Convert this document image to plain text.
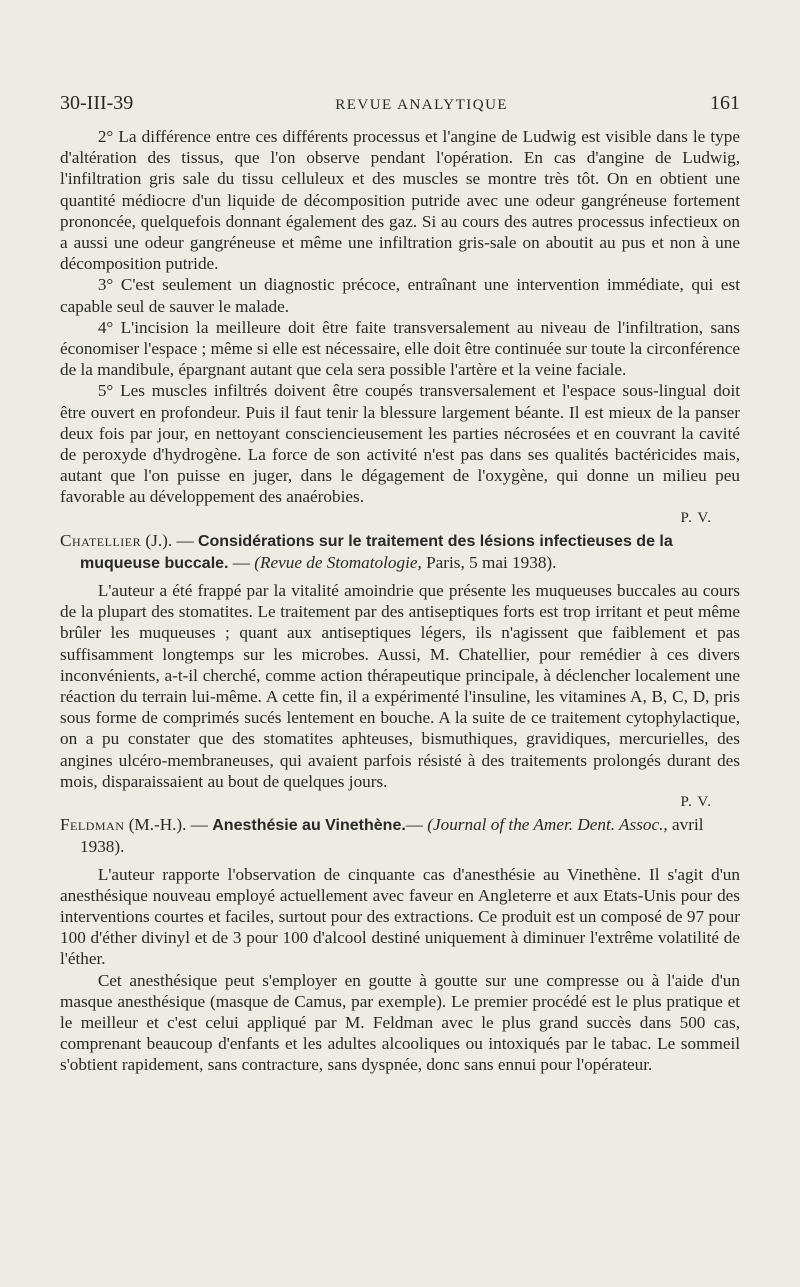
30-III-39	REVUE ANALYTIQUE	161

2° La différence entre ces différents processus et l'angine de Ludwig est visible dans le type d'altération des tissus, que l'on observe pendant l'opération. En cas d'angine de Ludwig, l'infiltration gris sale du tissu celluleux et des muscles se montre très tôt. On en obtient une quantité médiocre d'un liquide de décomposition putride avec une odeur gangréneuse fortement prononcée, quelquefois donnant également des gaz. Si au cours des autres processus infectieux on a aussi une odeur gangréneuse et même une infiltration gris-sale on aboutit au pus et non à une décomposition putride.

3° C'est seulement un diagnostic précoce, entraînant une intervention immédiate, qui est capable seul de sauver le malade.

4° L'incision la meilleure doit être faite transversalement au niveau de l'infiltration, sans économiser l'espace ; même si elle est nécessaire, elle doit être continuée sur toute la circonférence de la mandibule, épargnant autant que cela sera possible l'artère et la veine faciale.

5° Les muscles infiltrés doivent être coupés transversalement et l'espace sous-lingual doit être ouvert en profondeur. Puis il faut tenir la blessure largement béante. Il est mieux de la panser deux fois par jour, en nettoyant consciencieusement les parties nécrosées et en couvrant la cavité de peroxyde d'hydrogène. La force de son activité n'est pas dans ses qualités bactéricides mais, autant que l'on puisse en juger, dans le dégagement de l'oxygène, qui donne un milieu peu favorable au développement des anaérobies.

P. V.

Chatellier (J.). — Considérations sur le traitement des lésions infectieuses de la muqueuse buccale. — (Revue de Stomatologie, Paris, 5 mai 1938).

L'auteur a été frappé par la vitalité amoindrie que présente les muqueuses buccales au cours de la plupart des stomatites. Le traitement par des antiseptiques forts est trop irritant et peut même brûler les muqueuses ; quant aux antiseptiques légers, ils n'agissent que faiblement et pas suffisamment longtemps sur les microbes. Aussi, M. Chatellier, pour remédier à ces divers inconvénients, a-t-il cherché, comme action thérapeutique principale, à déclencher localement une réaction du terrain lui-même. A cette fin, il a expérimenté l'insuline, les vitamines A, B, C, D, pris sous forme de comprimés sucés lentement en bouche. A la suite de ce traitement cytophylactique, on a pu constater que des stomatites aphteuses, bismuthiques, gravidiques, mercurielles, des angines ulcéro-membraneuses, qui avaient parfois résisté à des traitements prolongés durant des mois, disparaissaient au bout de quelques jours.

P. V.

Feldman (M.-H.). — Anesthésie au Vinethène.— (Journal of the Amer. Dent. Assoc., avril 1938).

L'auteur rapporte l'observation de cinquante cas d'anesthésie au Vinethène. Il s'agit d'un anesthésique nouveau employé actuellement avec faveur en Angleterre et aux Etats-Unis pour des interventions courtes et faciles, surtout pour des extractions. Ce produit est un composé de 97 pour 100 d'éther divinyl et de 3 pour 100 d'alcool destiné uniquement à diminuer l'extrême volatilité de l'éther.

Cet anesthésique peut s'employer en goutte à goutte sur une compresse ou à l'aide d'un masque anesthésique (masque de Camus, par exemple). Le premier procédé est le plus pratique et le meilleur et c'est celui appliqué par M. Feldman avec le plus grand succès dans 500 cas, comprenant beaucoup d'enfants et les adultes alcooliques ou intoxiqués par le tabac. Le sommeil s'obtient rapidement, sans contracture, sans dyspnée, donc sans ennui pour l'opérateur.
